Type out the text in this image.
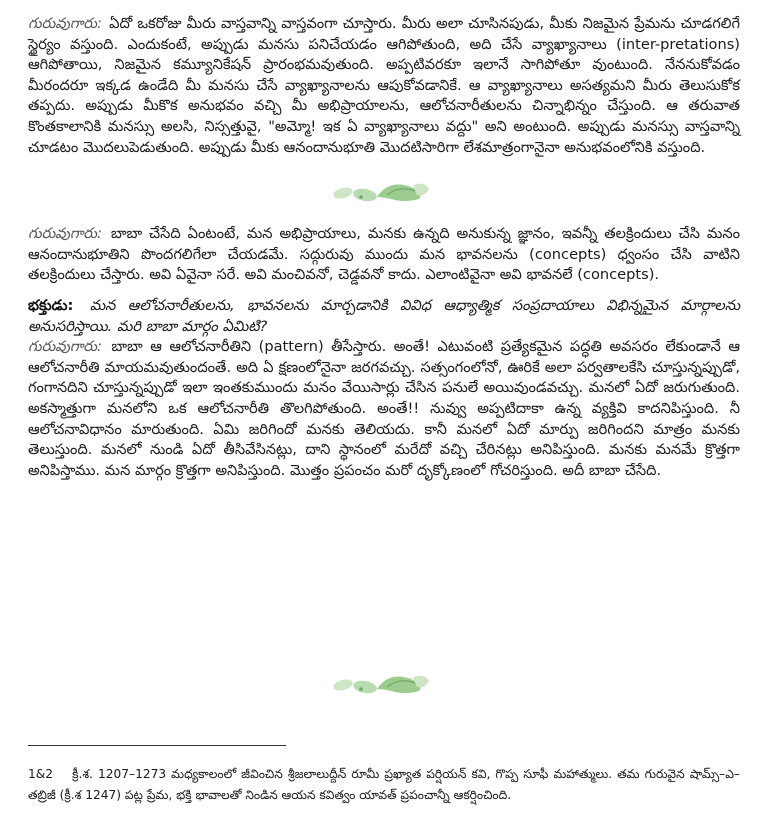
గురువుగారు: ఏదో ఒకరోజు మీరు వాస్తవాన్ని వాస్తవంగా చూస్తారు. మీరు అలా చూసినపుడు, మీకు నిజమైన ప్రేమను చూడగలిగే స్థైర్యం వస్తుంది. ఎందుకంటే, అప్పుడు మనసు పనిచేయడం ఆగిపోతుంది, అది చేసే వ్యాఖ్యానాలు (inter-pretations) ఆగిపోతాయి, నిజమైన కమ్యూనికేషన్ ప్రారంభమవుతుంది. అప్పటివరకూ ఇలానే సాగిపోతూ వుంటుంది. నేననుకోవడం మీరందరూ ఇక్కడ ఉండేది మీ మనసు చేసే వ్యాఖ్యానాలను ఆపుకోవడానికే. ఆ వ్యాఖ్యానాలు అసత్యమని మీరు తెలుసుకోక తప్పదు. అప్పుడు మీకొక అనుభవం వచ్చి మీ అభిప్రాయాలను, ఆలోచనారీతులను చిన్నాభిన్నం చేస్తుంది. ఆ తరువాత కొంతకాలానికి మనస్సు అలసి, నిస్సత్తువై, "అమ్మో! ఇక ఏ వ్యాఖ్యానాలు వద్దు" అని అంటుంది. అప్పుడు మనస్సు వాస్తవాన్ని చూడటం మొదలుపెడుతుంది. అప్పుడు మీకు ఆనందానుభూతి మొదటిసారిగా లేశమాత్రంగానైనా అనుభవంలోనికి వస్తుంది.

గురువుగారు: బాబా చేసేది ఏంటంటే, మన అభిప్రాయాలు, మనకు ఉన్నది అనుకున్న జ్ఞానం, ఇవన్నీ తలక్రిందులు చేసి మనం ఆనందానుభూతిని పొందగలిగేలా చేయడమే. సద్గురువు ముందు మన భావనలను (concepts) ధ్వంసం చేసి వాటిని తలక్రిందులు చేస్తారు. అవి ఏవైనా సరే. అవి మంచివనో, చెడ్డవనో కాదు. ఎలాంటివైనా అవి భావనలే (concepts).

భక్తుడు: మన ఆలోచనారీతులను, భావనలను మార్చడానికి వివిధ ఆధ్యాత్మిక సంప్రదాయాలు విభిన్నమైన మార్గాలను అనుసరిస్తాయి. మరి బాబా మార్గం ఏమిటి?

గురువుగారు: బాబా ఆ ఆలోచనారీతిని (pattern) తీసేస్తారు. అంతే! ఎటువంటి ప్రత్యేకమైన పద్ధతి అవసరం లేకుండానే ఆ ఆలోచనారీతి మాయమవుతుందంతే. అది ఏ క్షణంలోనైనా జరగవచ్చు. సత్సంగంలోనో, ఊరికే అలా పర్వతాలకేసి చూస్తున్నప్పుడో, గంగానదిని చూస్తున్నప్పుడో ఇలా ఇంతకుముందు మనం వేయిసార్లు చేసిన పనులే అయివుండవచ్చు. మనలో ఏదో జరుగుతుంది. అకస్మాత్తుగా మనలోని ఒక ఆలోచనారీతి తొలగిపోతుంది. అంతే!! నువ్వు అప్పటిదాకా ఉన్న వ్యక్తివి కాదనిపిస్తుంది. నీ ఆలోచనావిధానం మారుతుంది. ఏమి జరిగిందో మనకు తెలియదు. కానీ మనలో ఏదో మార్పు జరిగిందని మాత్రం మనకు తెలుస్తుంది. మనలో నుండి ఏదో తీసివేసినట్లు, దాని స్థానంలో మరేదో వచ్చి చేరినట్లు అనిపిస్తుంది. మనకు మనమే క్రొత్తగా అనిపిస్తాము. మన మార్గం క్రొత్తగా అనిపిస్తుంది. మొత్తం ప్రపంచం మరో దృక్కోణంలో గోచరిస్తుంది. అదీ బాబా చేసేది.

1&2 క్రీ.శ. 1207–1273 మధ్యకాలంలో జీవించిన శ్రీజలాలుద్దీన్ రూమీ ప్రఖ్యాత పర్షియన్ కవి, గొప్ప సూఫీ మహాత్ములు. తమ గురువైన షామ్స్–ఎ–తబ్రిజీ (క్రీ.శ 1247) పట్ల ప్రేమ, భక్తి భావాలతో నిండిన ఆయన కవిత్వం యావత్ ప్రపంచాన్నీ ఆకర్షించింది.
